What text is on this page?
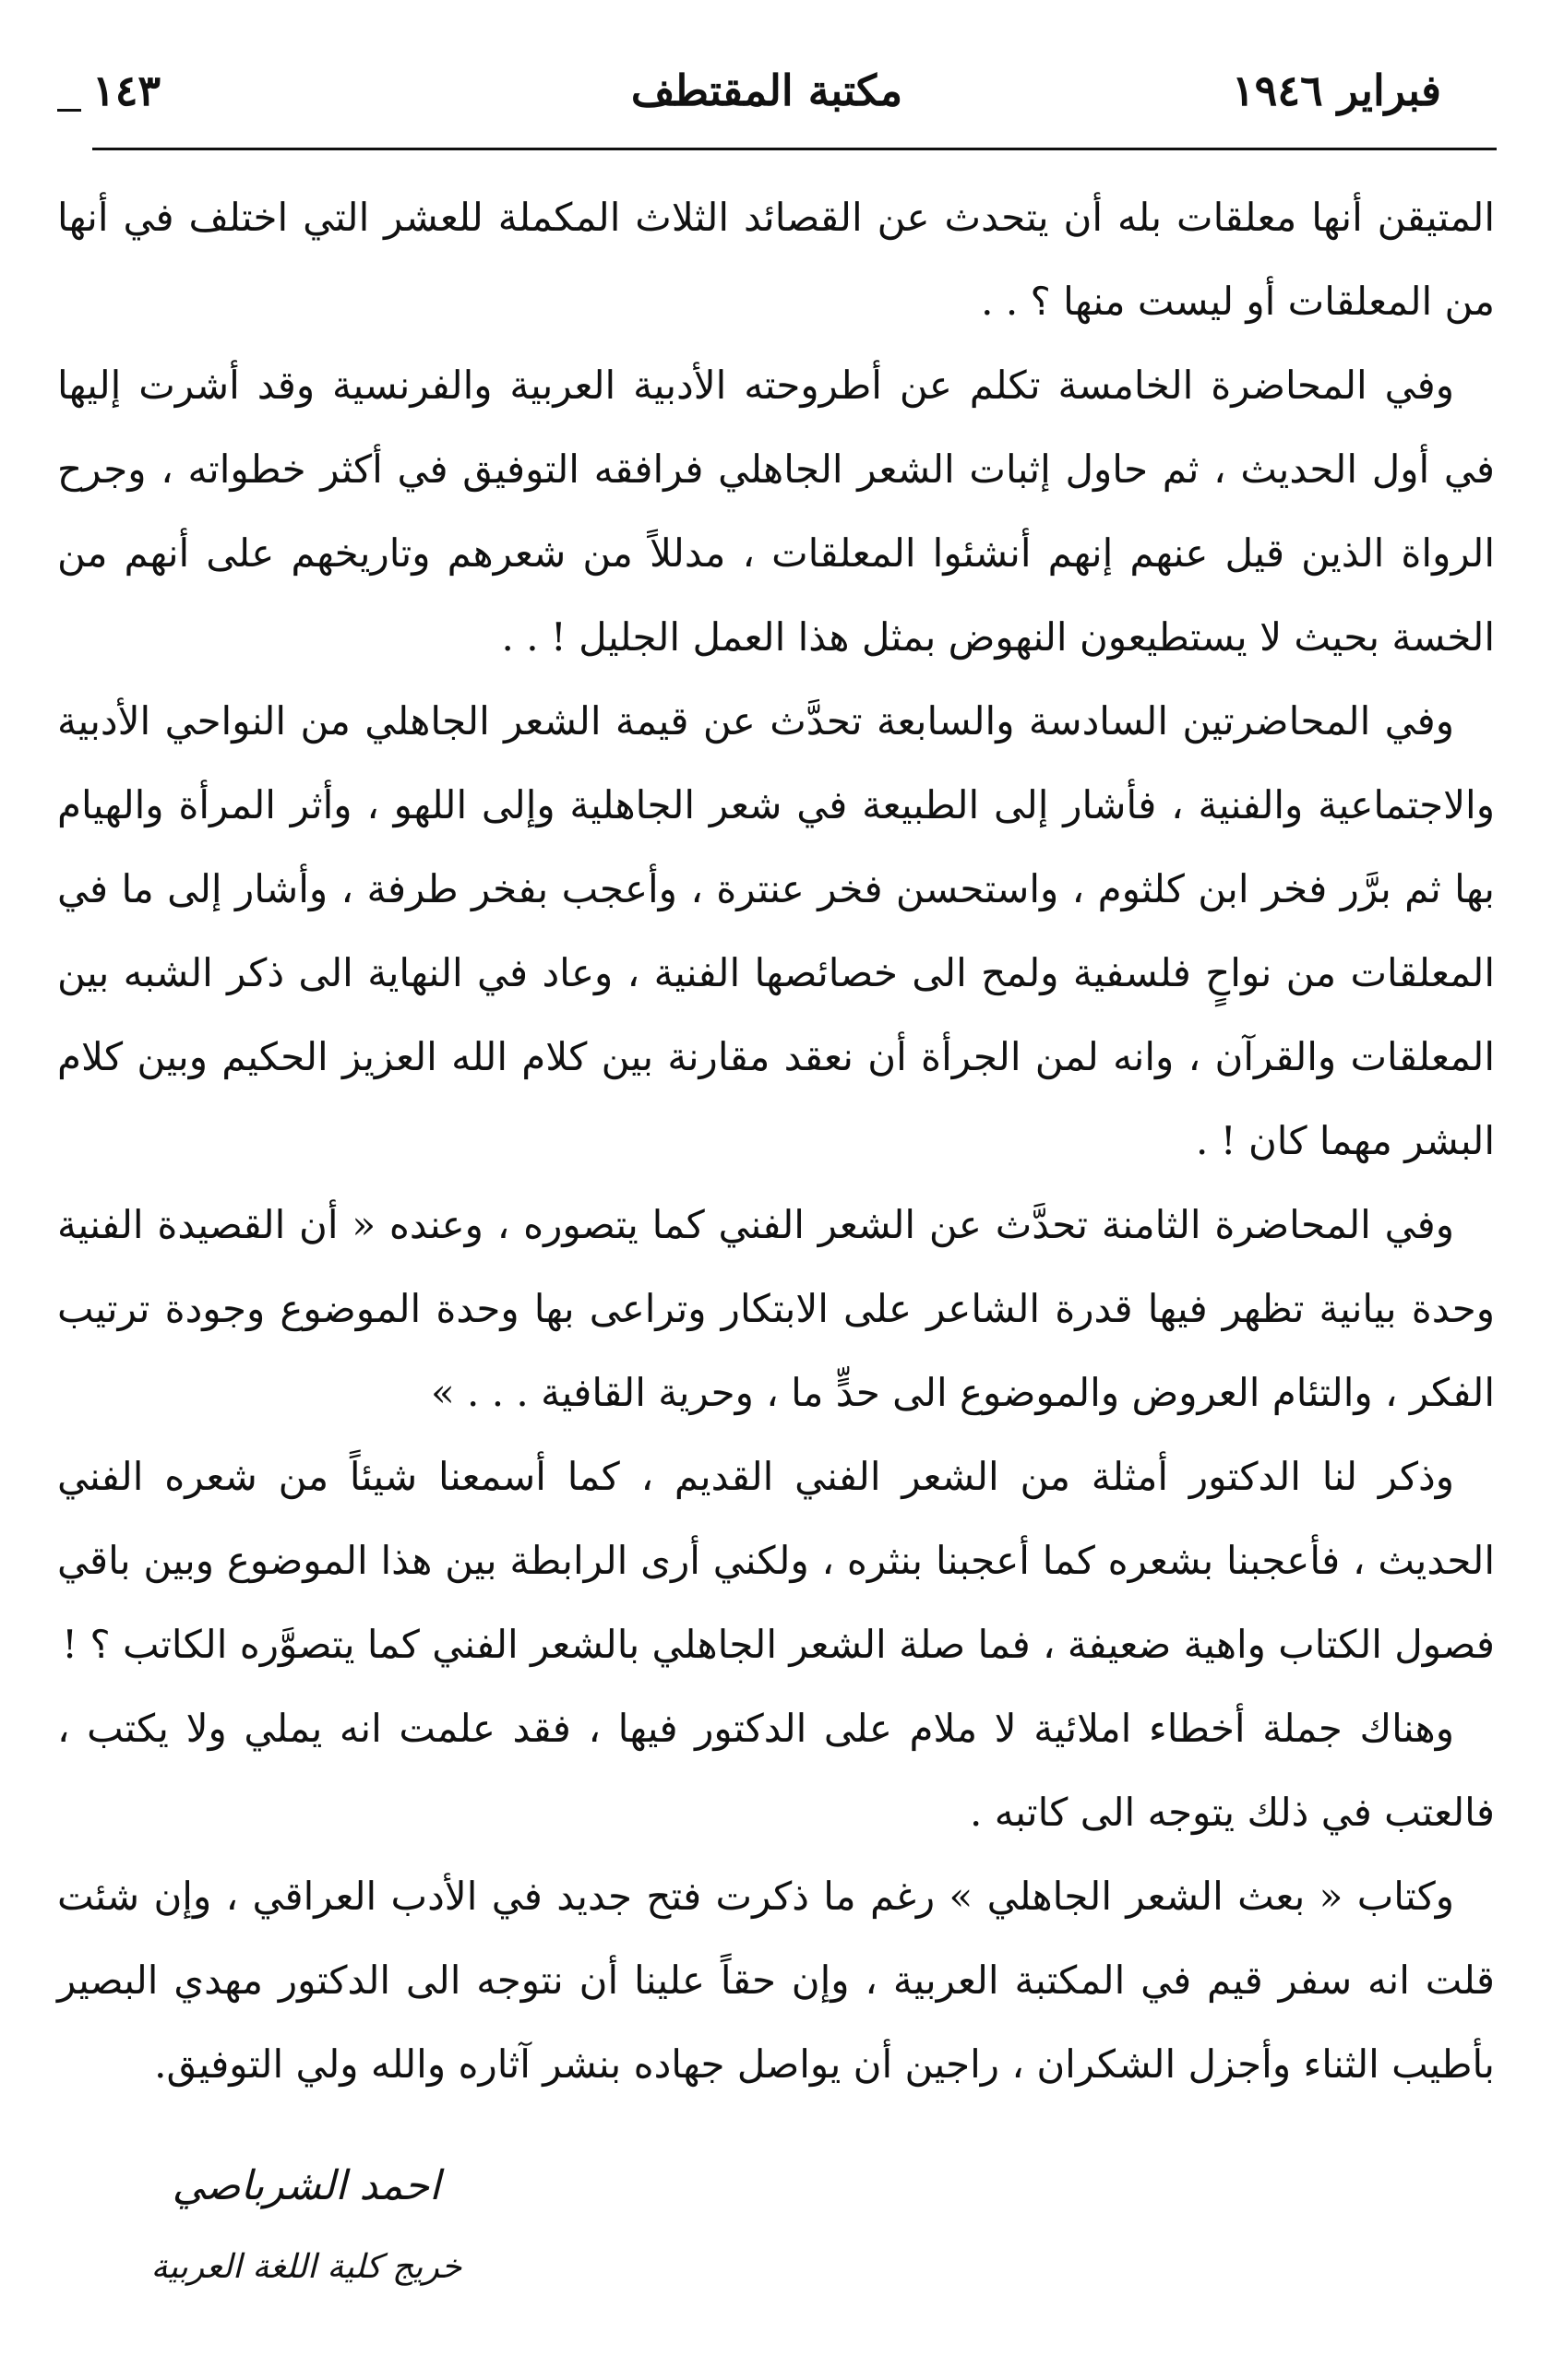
فبراير ١٩٤٦
مكتبة المقتطف
١٤٣

المتيقن أنها معلقات بله أن يتحدث عن القصائد الثلاث المكملة للعشر التي اختلف في أنها من المعلقات أو ليست منها ؟ . .

وفي المحاضرة الخامسة تكلم عن أطروحته الأدبية العربية والفرنسية وقد أشرت إليها في أول الحديث ، ثم حاول إثبات الشعر الجاهلي فرافقه التوفيق في أكثر خطواته ، وجرح الرواة الذين قيل عنهم إنهم أنشئوا المعلقات ، مدللاً من شعرهم وتاريخهم على أنهم من الخسة بحيث لا يستطيعون النهوض بمثل هذا العمل الجليل ! . .

وفي المحاضرتين السادسة والسابعة تحدَّث عن قيمة الشعر الجاهلي من النواحي الأدبية والاجتماعية والفنية ، فأشار إلى الطبيعة في شعر الجاهلية وإلى اللهو ، وأثر المرأة والهيام بها ثم برَّر فخر ابن كلثوم ، واستحسن فخر عنترة ، وأعجب بفخر طرفة ، وأشار إلى ما في المعلقات من نواحٍ فلسفية ولمح الى خصائصها الفنية ، وعاد في النهاية الى ذكر الشبه بين المعلقات والقرآن ، وانه لمن الجرأة أن نعقد مقارنة بين كلام الله العزيز الحكيم وبين كلام البشر مهما كان ! .

وفي المحاضرة الثامنة تحدَّث عن الشعر الفني كما يتصوره ، وعنده « أن القصيدة الفنية وحدة بيانية تظهر فيها قدرة الشاعر على الابتكار وتراعى بها وحدة الموضوع وجودة ترتيب الفكر ، والتئام العروض والموضوع الى حدٍّ ما ، وحرية القافية . . . »

وذكر لنا الدكتور أمثلة من الشعر الفني القديم ، كما أسمعنا شيئاً من شعره الفني الحديث ، فأعجبنا بشعره كما أعجبنا بنثره ، ولكني أرى الرابطة بين هذا الموضوع وبين باقي فصول الكتاب واهية ضعيفة ، فما صلة الشعر الجاهلي بالشعر الفني كما يتصوَّره الكاتب ؟ !

وهناك جملة أخطاء املائية لا ملام على الدكتور فيها ، فقد علمت انه يملي ولا يكتب ، فالعتب في ذلك يتوجه الى كاتبه .

وكتاب « بعث الشعر الجاهلي » رغم ما ذكرت فتح جديد في الأدب العراقي ، وإن شئت قلت انه سفر قيم في المكتبة العربية ، وإن حقاً علينا أن نتوجه الى الدكتور مهدي البصير بأطيب الثناء وأجزل الشكران ، راجين أن يواصل جهاده بنشر آثاره والله ولي التوفيق.

احمد الشرباصي
خريج كلية اللغة العربية
